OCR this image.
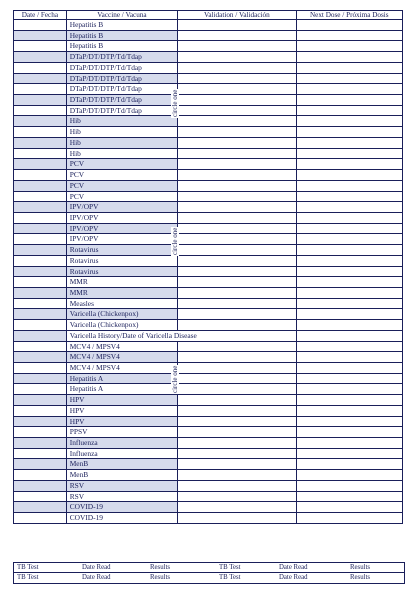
Date / Fecha	Vaccine / Vacuna	Validation / Validación	Next Dose / Próxima Dosis
Hepatitis B
Hepatitis B
Hepatitis B
DTaP/DT/DTP/Td/Tdap
DTaP/DT/DTP/Td/Tdap
DTaP/DT/DTP/Td/Tdap
DTaP/DT/DTP/Td/Tdap
DTaP/DT/DTP/Td/Tdap
DTaP/DT/DTP/Td/Tdap
Hib
Hib
Hib
Hib
PCV
PCV
PCV
PCV
IPV/OPV
IPV/OPV
IPV/OPV
IPV/OPV
Rotavirus
Rotavirus
Rotavirus
MMR
MMR
Measles
Varicella (Chickenpox)
Varicella (Chickenpox)
Varicella History/Date of Varicella Disease
MCV4 / MPSV4
MCV4 / MPSV4
MCV4 / MPSV4
Hepatitis A
Hepatitis A
HPV
HPV
HPV
PPSV
Influenza
Influenza
MenB
MenB
RSV
RSV
COVID-19
COVID-19
circle one
circle one
circle one
TB Test	Date Read	Results	TB Test	Date Read	Results
TB Test	Date Read	Results	TB Test	Date Read	Results
